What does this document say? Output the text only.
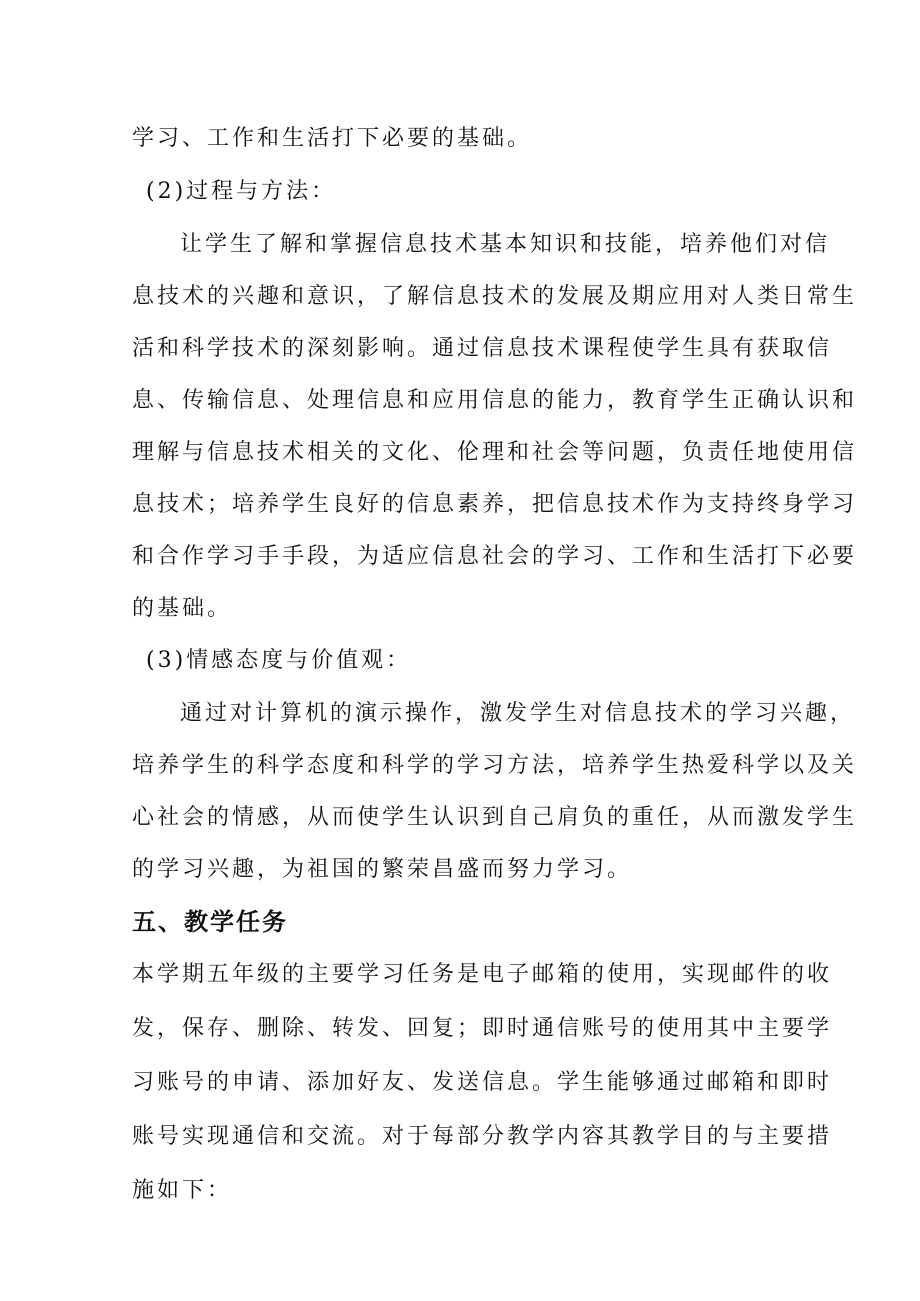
学习、工作和生活打下必要的基础。
(2)过程与方法：
让学生了解和掌握信息技术基本知识和技能，培养他们对信
息技术的兴趣和意识，了解信息技术的发展及期应用对人类日常生
活和科学技术的深刻影响。通过信息技术课程使学生具有获取信
息、传输信息、处理信息和应用信息的能力，教育学生正确认识和
理解与信息技术相关的文化、伦理和社会等问题，负责任地使用信
息技术；培养学生良好的信息素养，把信息技术作为支持终身学习
和合作学习手手段，为适应信息社会的学习、工作和生活打下必要
的基础。
(3)情感态度与价值观：
通过对计算机的演示操作，激发学生对信息技术的学习兴趣，
培养学生的科学态度和科学的学习方法，培养学生热爱科学以及关
心社会的情感，从而使学生认识到自己肩负的重任，从而激发学生
的学习兴趣，为祖国的繁荣昌盛而努力学习。
五、教学任务
本学期五年级的主要学习任务是电子邮箱的使用，实现邮件的收
发，保存、删除、转发、回复；即时通信账号的使用其中主要学
习账号的申请、添加好友、发送信息。学生能够通过邮箱和即时
账号实现通信和交流。对于每部分教学内容其教学目的与主要措
施如下：
